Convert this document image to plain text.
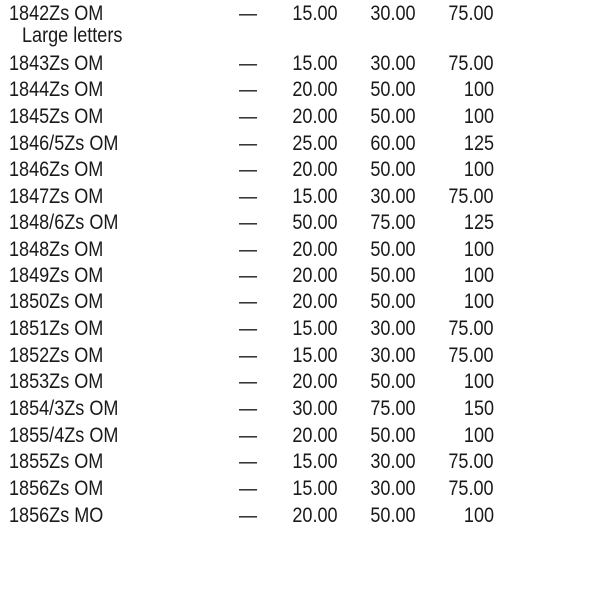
1842Zs OM	— 15.00 30.00 75.00
Large letters
1843Zs OM	— 15.00 30.00 75.00
1844Zs OM	— 20.00 50.00 100
1845Zs OM	— 20.00 50.00 100
1846/5Zs OM	— 25.00 60.00 125
1846Zs OM	— 20.00 50.00 100
1847Zs OM	— 15.00 30.00 75.00
1848/6Zs OM	— 50.00 75.00 125
1848Zs OM	— 20.00 50.00 100
1849Zs OM	— 20.00 50.00 100
1850Zs OM	— 20.00 50.00 100
1851Zs OM	— 15.00 30.00 75.00
1852Zs OM	— 15.00 30.00 75.00
1853Zs OM	— 20.00 50.00 100
1854/3Zs OM	— 30.00 75.00 150
1855/4Zs OM	— 20.00 50.00 100
1855Zs OM	— 15.00 30.00 75.00
1856Zs OM	— 15.00 30.00 75.00
1856Zs MO	— 20.00 50.00 100
